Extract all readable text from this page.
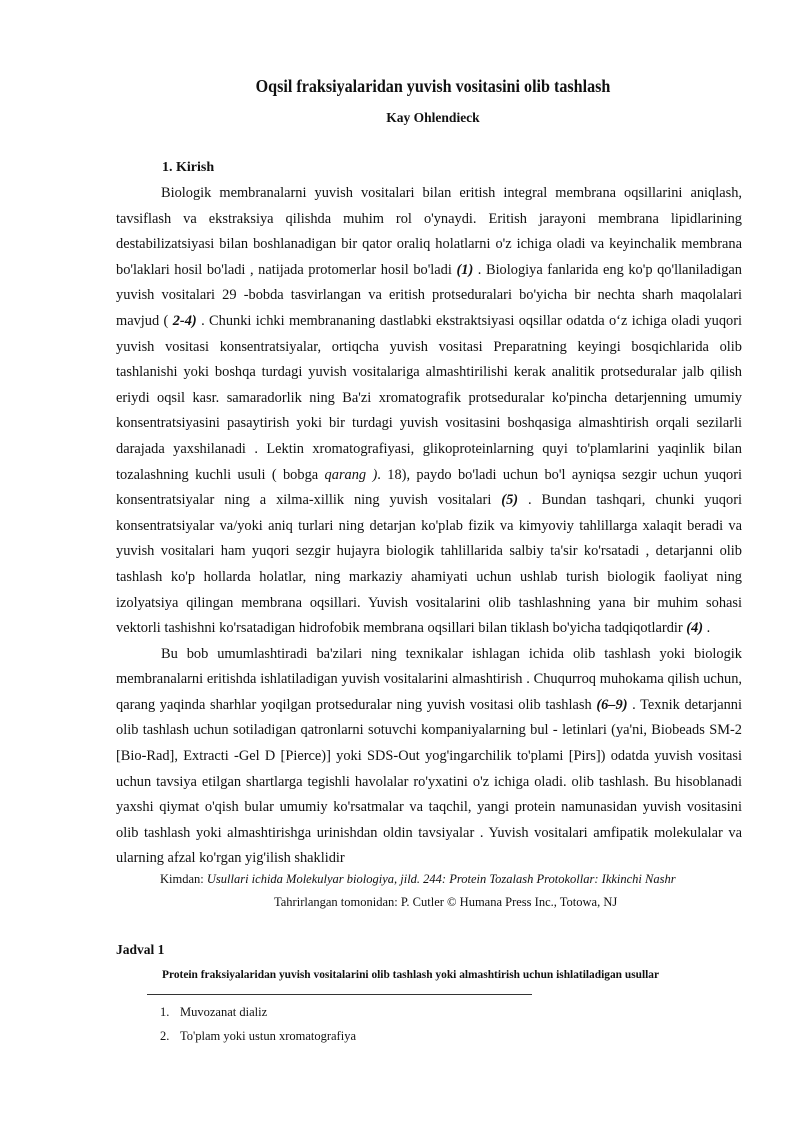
Oqsil fraksiyalaridan yuvish vositasini olib tashlash
Kay Ohlendieck
1. Kirish

Biologik membranalarni yuvish vositalari bilan eritish integral membrana oqsillarini aniqlash, tavsiflash va ekstraksiya qilishda muhim rol o'ynaydi. Eritish jarayoni membrana lipidlarining destabilizatsiyasi bilan boshlanadigan bir qator oraliq holatlarni o'z ichiga oladi va keyinchalik membrana bo'laklari hosil bo'ladi , natijada protomerlar hosil bo'ladi (1) . Biologiya fanlarida eng ko'p qo'llaniladigan yuvish vositalari 29 -bobda tasvirlangan va eritish protseduralari bo'yicha bir nechta sharh maqolalari mavjud ( 2-4) . Chunki ichki membrananing dastlabki ekstraktsiyasi oqsillar odatda o‘z ichiga oladi yuqori yuvish vositasi konsentratsiyalar, ortiqcha yuvish vositasi Preparatning keyingi bosqichlarida olib tashlanishi yoki boshqa turdagi yuvish vositalariga almashtirilishi kerak analitik protseduralar jalb qilish eriydi oqsil kasr. samaradorlik ning Ba'zi xromatografik protseduralar ko'pincha detarjenning umumiy konsentratsiyasini pasaytirish yoki bir turdagi yuvish vositasini boshqasiga almashtirish orqali sezilarli darajada yaxshilanadi . Lektin xromatografiyasi, glikoproteinlarning quyi to'plamlarini yaqinlik bilan tozalashning kuchli usuli ( bobga qarang ). 18), paydo bo'ladi uchun bo'l ayniqsa sezgir uchun yuqori konsentratsiyalar ning a xilma-xillik ning yuvish vositalari (5) . Bundan tashqari, chunki yuqori konsentratsiyalar va/yoki aniq turlari ning detarjan ko'plab fizik va kimyoviy tahlillarga xalaqit beradi va yuvish vositalari ham yuqori sezgir hujayra biologik tahlillarida salbiy ta'sir ko'rsatadi , detarjanni olib tashlash ko'p hollarda holatlar, ning markaziy ahamiyati uchun ushlab turish biologik faoliyat ning izolyatsiya qilingan membrana oqsillari. Yuvish vositalarini olib tashlashning yana bir muhim sohasi vektorli tashishni ko'rsatadigan hidrofobik membrana oqsillari bilan tiklash bo'yicha tadqiqotlardir (4) .

Bu bob umumlashtiradi ba'zilari ning texnikalar ishlagan ichida olib tashlash yoki biologik membranalarni eritishda ishlatiladigan yuvish vositalarini almashtirish . Chuqurroq muhokama qilish uchun, qarang yaqinda sharhlar yoqilgan protseduralar ning yuvish vositasi olib tashlash (6–9) . Texnik detarjanni olib tashlash uchun sotiladigan qatronlarni sotuvchi kompaniyalarning bul - letinlari (ya'ni, Biobeads SM-2 [Bio-Rad], Extracti -Gel D [Pierce)] yoki SDS-Out yog'ingarchilik to'plami [Pirs]) odatda yuvish vositasi uchun tavsiya etilgan shartlarga tegishli havolalar ro'yxatini o'z ichiga oladi. olib tashlash. Bu hisoblanadi yaxshi qiymat o'qish bular umumiy ko'rsatmalar va taqchil, yangi protein namunasidan yuvish vositasini olib tashlash yoki almashtirishga urinishdan oldin tavsiyalar . Yuvish vositalari amfipatik molekulalar va ularning afzal ko'rgan yig'ilish shaklidir

Kimdan: Usullari ichida Molekulyar biologiya, jild. 244: Protein Tozalash Protokollar: Ikkinchi Nashr
Tahrirlangan tomonidan: P. Cutler © Humana Press Inc., Totowa, NJ
Jadval 1
Protein fraksiyalaridan yuvish vositalarini olib tashlash yoki almashtirish uchun ishlatiladigan usullar
1. Muvozanat dializ
2. To'plam yoki ustun xromatografiya
